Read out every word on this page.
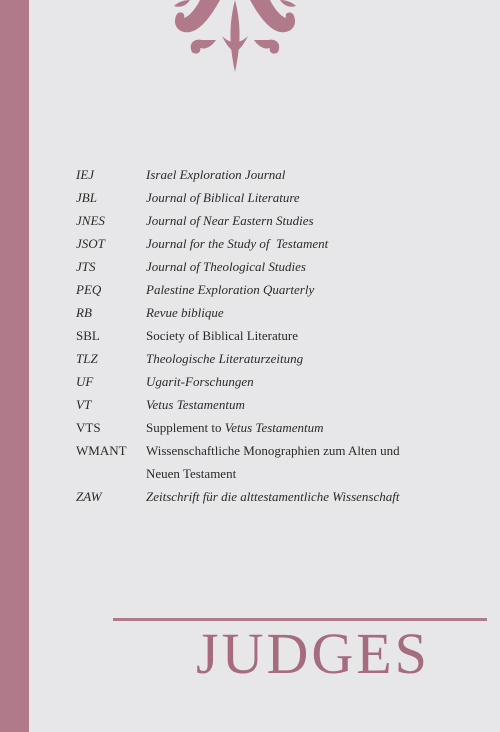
IEJ	Israel Exploration Journal
JBL	Journal of Biblical Literature
JNES	Journal of Near Eastern Studies
JSOT	Journal for the Study of  Testament
JTS	Journal of Theological Studies
PEQ	Palestine Exploration Quarterly
RB	Revue biblique
SBL	Society of Biblical Literature
TLZ	Theologische Literaturzeitung
UF	Ugarit-Forschungen
VT	Vetus Testamentum
VTS	Supplement to Vetus Testamentum
WMANT	Wissenschaftliche Monographien zum Alten und
Neuen Testament
ZAW	Zeitschrift für die alttestamentliche Wissenschaft
JUDGES
